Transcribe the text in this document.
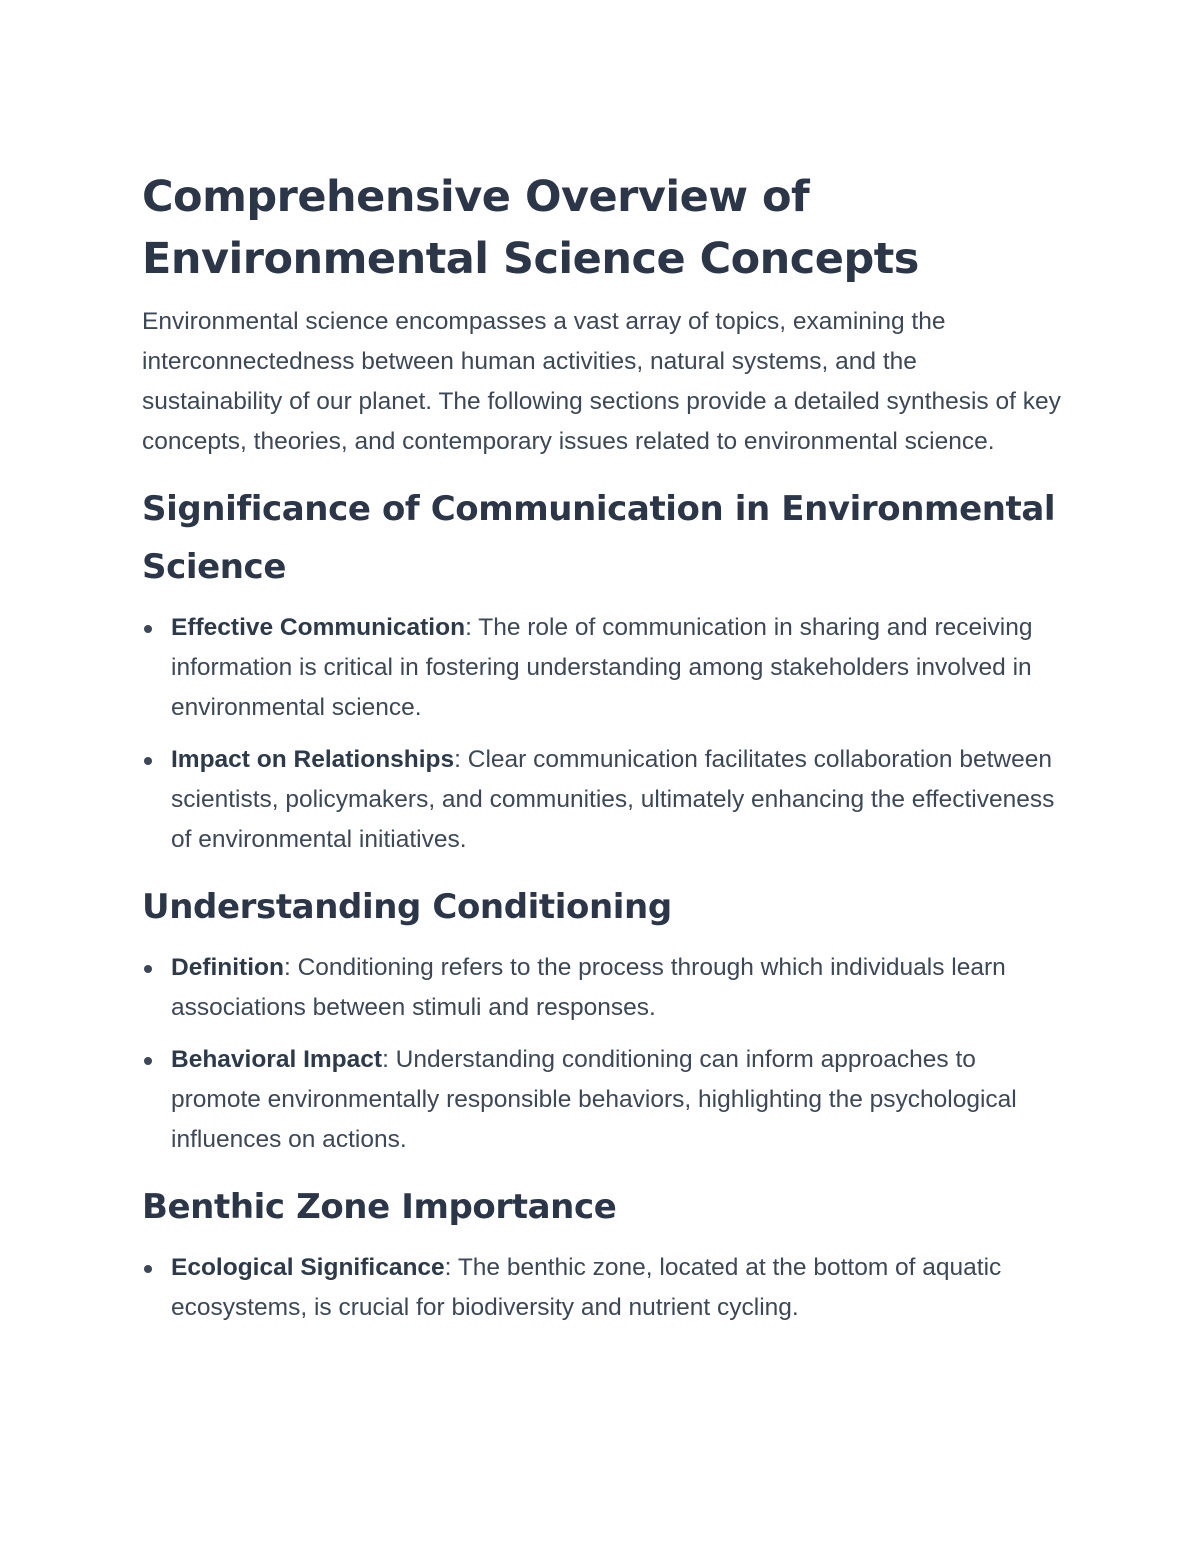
Comprehensive Overview of Environmental Science Concepts

Environmental science encompasses a vast array of topics, examining the interconnectedness between human activities, natural systems, and the sustainability of our planet. The following sections provide a detailed synthesis of key concepts, theories, and contemporary issues related to environmental science.

Significance of Communication in Environmental Science
Effective Communication: The role of communication in sharing and receiving information is critical in fostering understanding among stakeholders involved in environmental science.
Impact on Relationships: Clear communication facilitates collaboration between scientists, policymakers, and communities, ultimately enhancing the effectiveness of environmental initiatives.
Understanding Conditioning
Definition: Conditioning refers to the process through which individuals learn associations between stimuli and responses.
Behavioral Impact: Understanding conditioning can inform approaches to promote environmentally responsible behaviors, highlighting the psychological influences on actions.
Benthic Zone Importance
Ecological Significance: The benthic zone, located at the bottom of aquatic ecosystems, is crucial for biodiversity and nutrient cycling.
